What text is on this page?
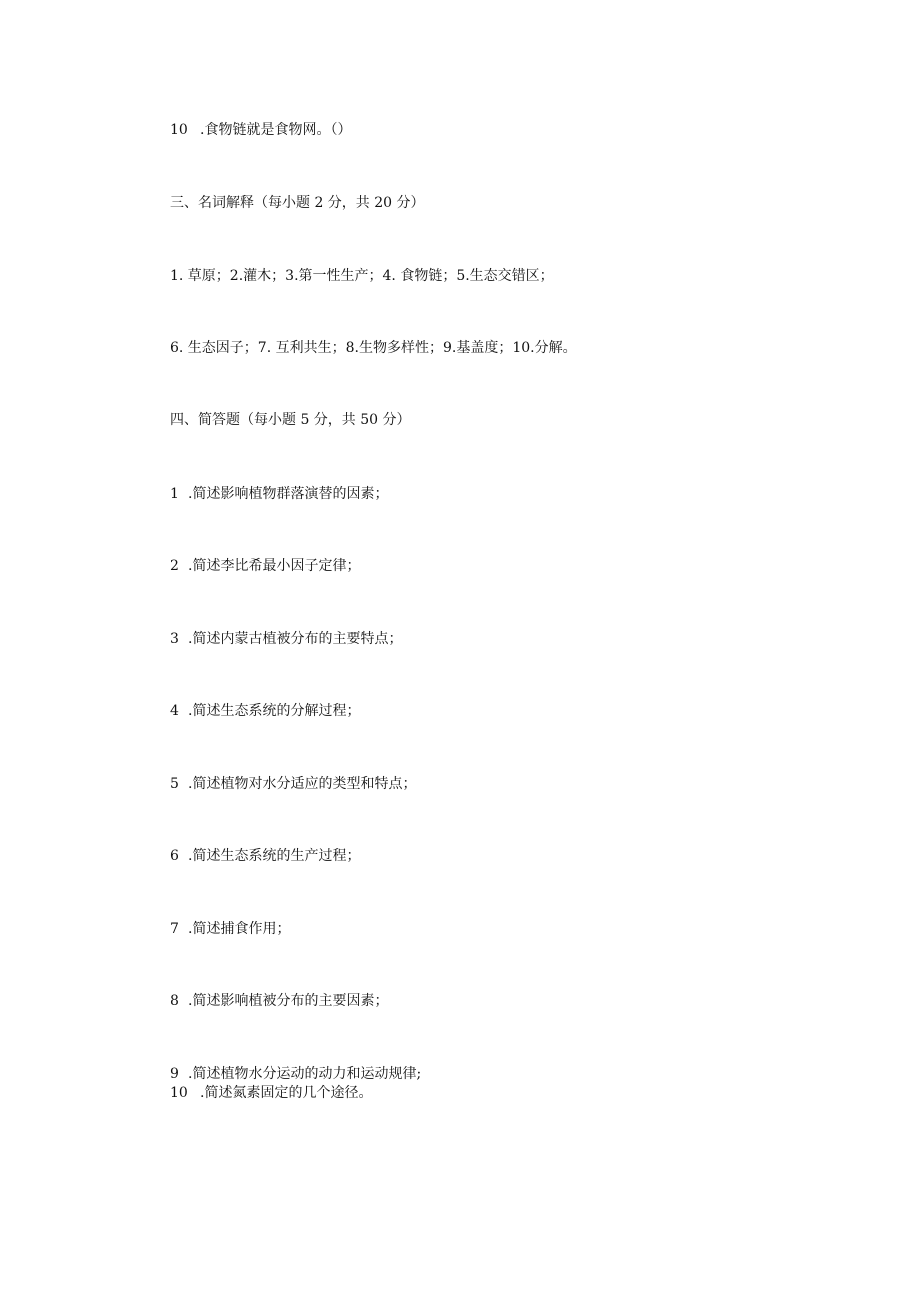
10 .食物链就是食物网。（）
三、名词解释（每小题 2 分，共 20 分）
1. 草原；2.灌木；3.第一性生产；4. 食物链；5.生态交错区；
6. 生态因子；7. 互利共生；8.生物多样性；9.基盖度；10.分解。
四、简答题（每小题 5 分，共 50 分）
1 .简述影响植物群落演替的因素；
2 .简述李比希最小因子定律；
3 .简述内蒙古植被分布的主要特点；
4 .简述生态系统的分解过程；
5 .简述植物对水分适应的类型和特点；
6 .简述生态系统的生产过程；
7 .简述捕食作用；
8 .简述影响植被分布的主要因素；
9 .简述植物水分运动的动力和运动规律;
10 .简述氮素固定的几个途径。
